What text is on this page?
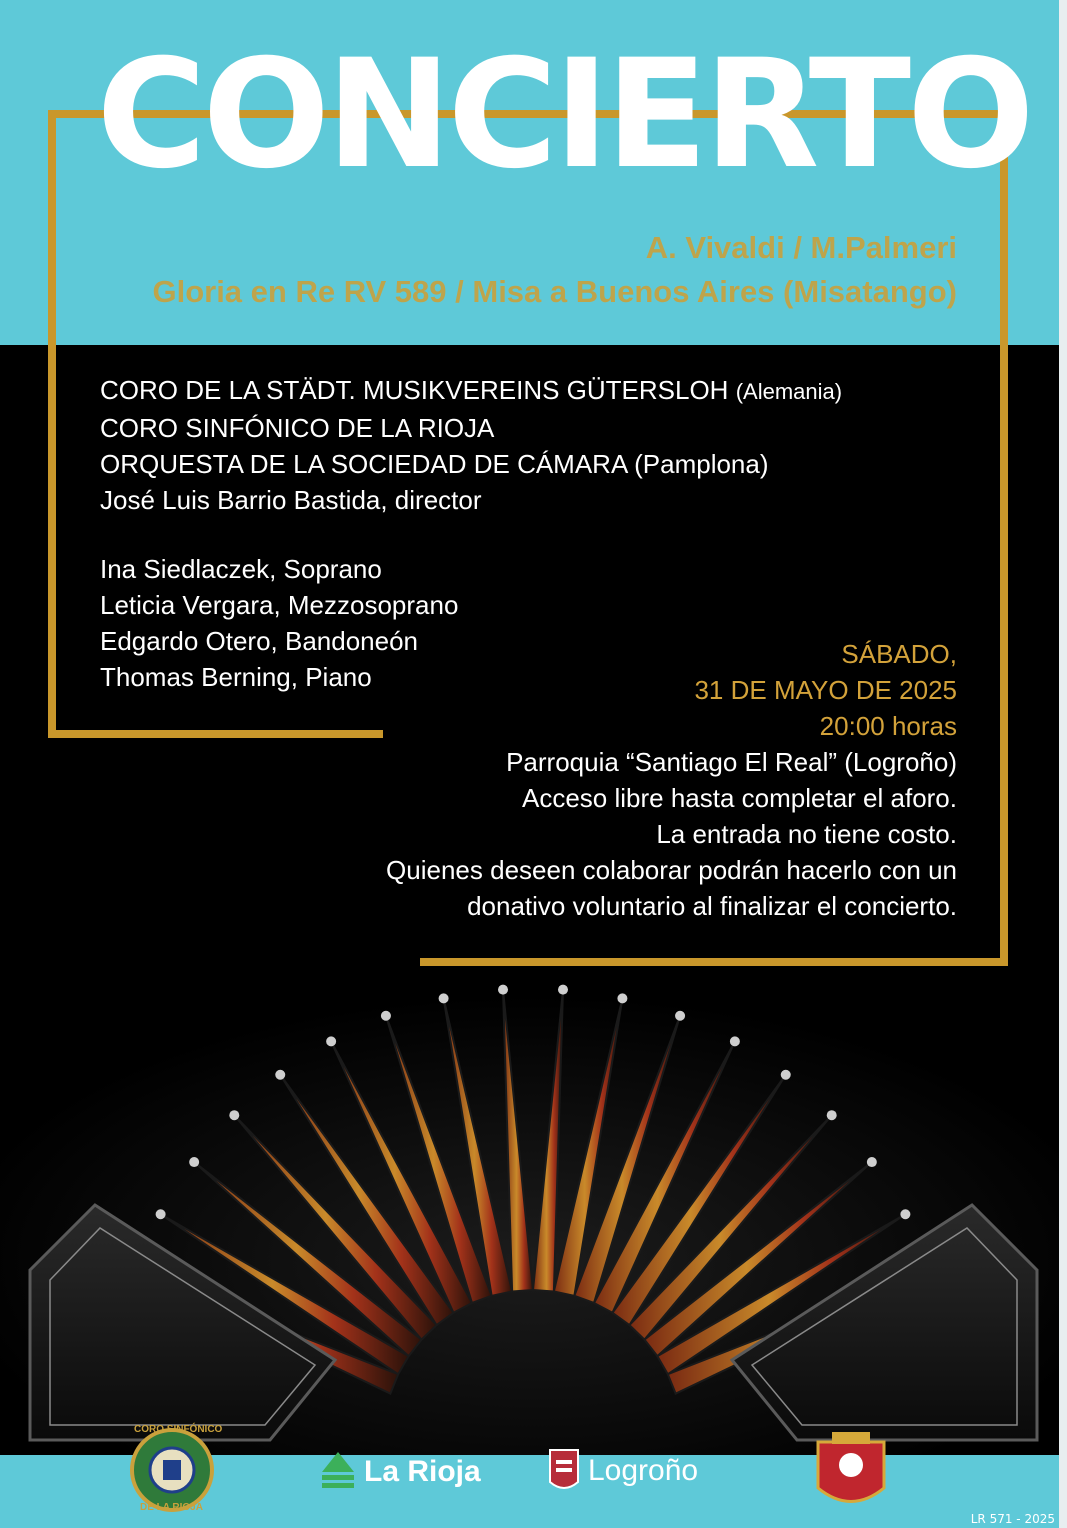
CONCIERTO
A. Vivaldi / M.Palmeri
Gloria en Re RV 589 / Misa a Buenos Aires (Misatango)
CORO DE LA STÄDT. MUSIKVEREINS GÜTERSLOH (Alemania)
CORO SINFÓNICO DE LA RIOJA
ORQUESTA DE LA SOCIEDAD DE CÁMARA (Pamplona)
José Luis Barrio Bastida, director
Ina Siedlaczek, Soprano
Leticia Vergara, Mezzosoprano
Edgardo Otero, Bandoneón
Thomas Berning, Piano
SÁBADO,
31 DE MAYO DE 2025
20:00 horas
Parroquia “Santiago El Real” (Logroño)
Acceso libre hasta completar el aforo.
La entrada no tiene costo.
Quienes deseen colaborar podrán hacerlo con un
donativo voluntario al finalizar el concierto.
La Rioja	Logroño
CORO SINFÓNICO
DE LA RIOJA
LR 571 - 2025
